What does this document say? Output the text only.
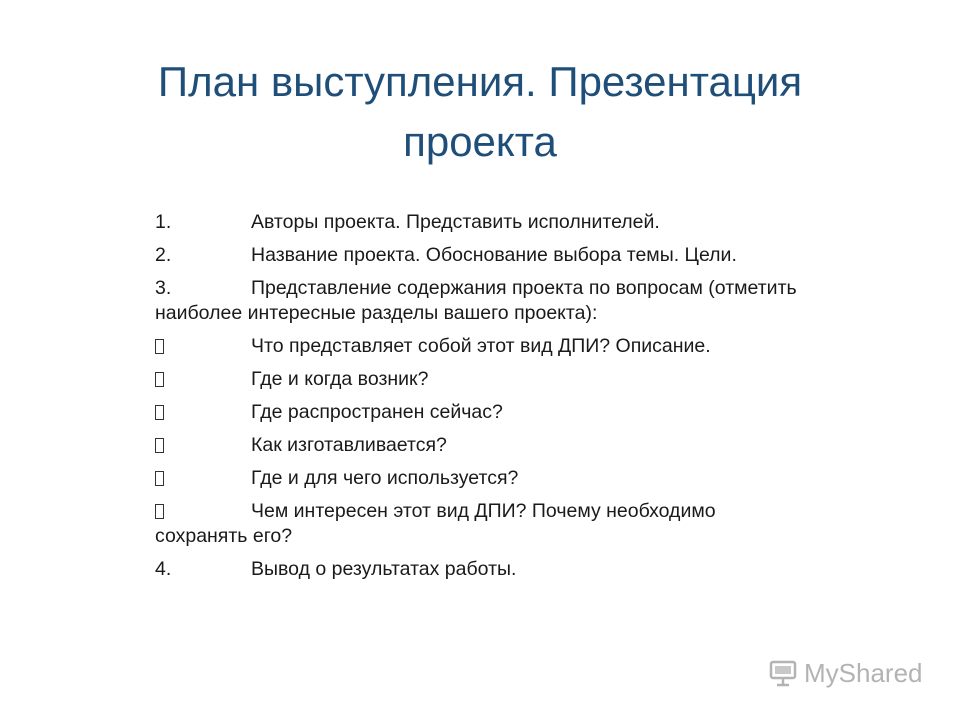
План выступления. Презентация проекта

1.	Авторы проекта. Представить исполнителей.

2.	Название проекта. Обоснование выбора темы. Цели.

3.	Представление содержания проекта по вопросам (отметить наиболее интересные разделы вашего проекта):

Что представляет собой этот вид ДПИ? Описание.

Где и когда возник?

Где распространен сейчас?

Как изготавливается?

Где и для чего используется?

Чем интересен этот вид ДПИ? Почему необходимо сохранять его?

4.	Вывод о результатах работы.

MyShared
